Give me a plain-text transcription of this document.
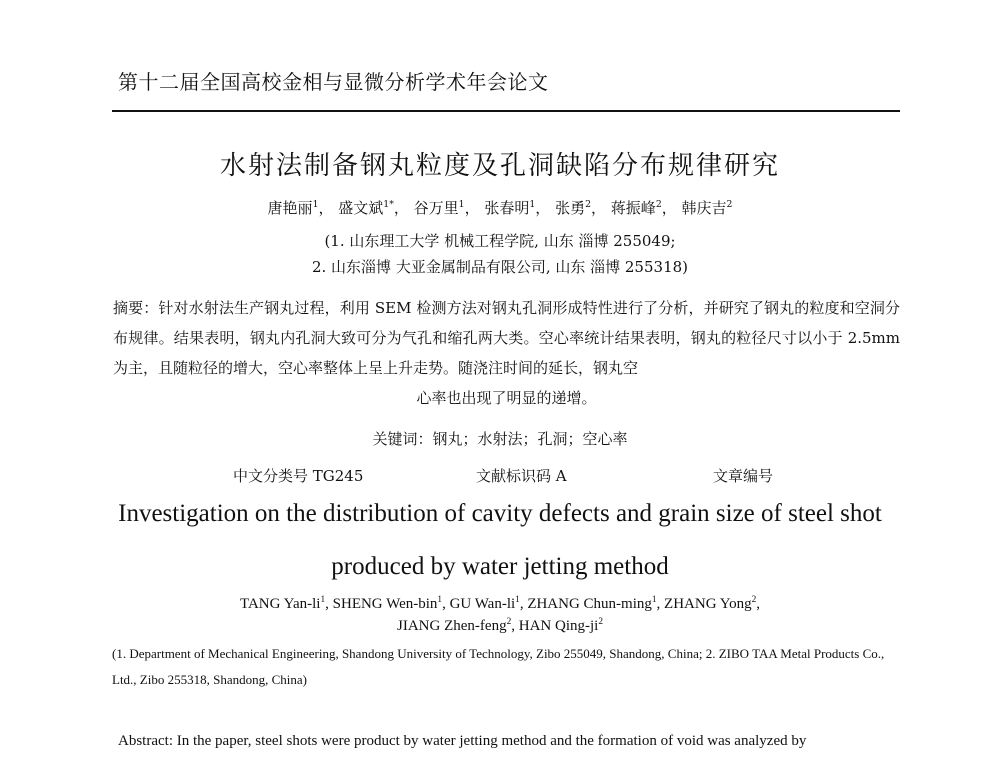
第十二届全国高校金相与显微分析学术年会论文
水射法制备钢丸粒度及孔洞缺陷分布规律研究
唐艳丽$^1$， 盛文斌$^{1*}$， 谷万里$^1$， 张春明$^1$， 张勇$^2$， 蒋振峰$^2$， 韩庆吉$^2$
(1. 山东理工大学 机械工程学院, 山东 淄博 255049;
2. 山东淄博 大亚金属制品有限公司, 山东 淄博 255318)
摘要：针对水射法生产钢丸过程，利用 SEM 检测方法对钢丸孔洞形成特性进行了分析，并研究了钢丸的粒度和空洞分布规律。结果表明，钢丸内孔洞大致可分为气孔和缩孔两大类。空心率统计结果表明，钢丸的粒径尺寸以小于 2.5mm 为主，且随粒径的增大，空心率整体上呈上升走势。随浇注时间的延长，钢丸空
心率也出现了明显的递增。
关键词：钢丸；水射法；孔洞；空心率
中文分类号 TG245	文献标识码 A	文章编号
Investigation on the distribution of cavity defects and grain size of steel shot
produced by water jetting method
TANG Yan-$li^1$, SHENG Wen-bin$^1$, GU Wan-$li^1$, ZHANG Chun-ming$^1$, ZHANG Yong$^2$,
JIANG Zhen-feng$^2$, HAN Qing-$ji^2$
(1. Department of Mechanical Engineering, Shandong University of Technology, Zibo 255049, Shandong, China; 2. ZIBO TAA Metal Products Co., Ltd., Zibo 255318, Shandong, China)
Abstract: In the paper, steel shots were product by water jetting method and the formation of void was analyzed by
